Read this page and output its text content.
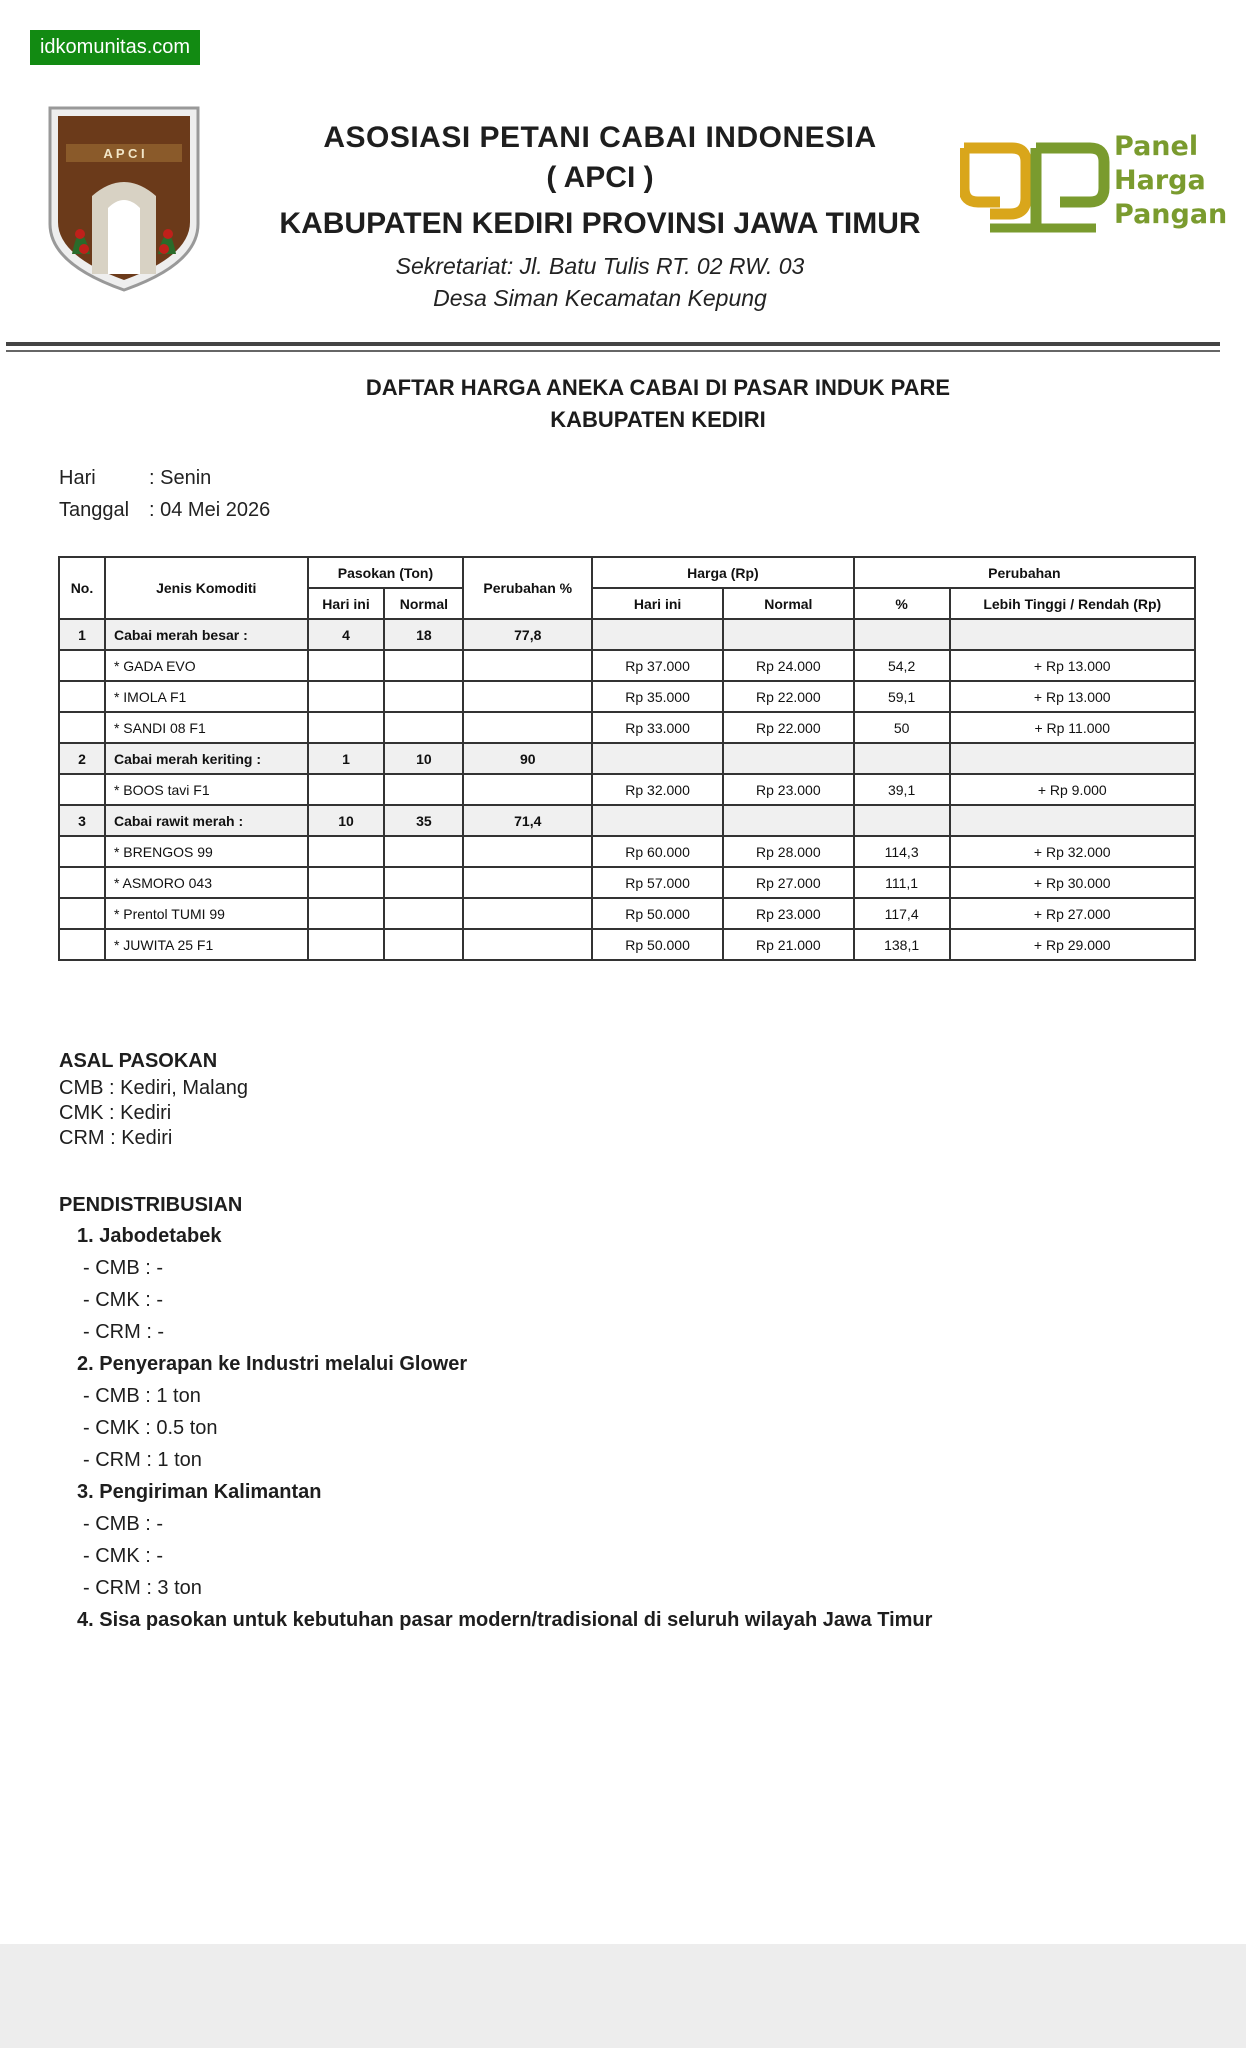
idkomunitas.com
A P C I	ASOSIASI PETANI CABAI INDONESIA
( APCI )
KABUPATEN KEDIRI PROVINSI JAWA TIMUR
Sekretariat: Jl. Batu Tulis RT. 02 RW. 03
Desa Siman Kecamatan Kepung
Panel
Harga
Pangan
DAFTAR HARGA ANEKA CABAI DI PASAR INDUK PARE
KABUPATEN KEDIRI
Hari	: Senin
Tanggal : 04 Mei 2026
No.	Jenis Komoditi	Pasokan (Ton)		Perubahan %	Harga (Rp)		Perubahan	
		Hari ini	Normal		Hari ini	Normal	%	Lebih Tinggi / Rendah (Rp)
1	Cabai merah besar :	4	18	77,8				
	* GADA EVO				Rp 37.000	Rp 24.000	54,2	+ Rp 13.000
	* IMOLA F1				Rp 35.000	Rp 22.000	59,1	+ Rp 13.000
	* SANDI 08 F1				Rp 33.000	Rp 22.000	50	+ Rp 11.000
2	Cabai merah keriting :	1	10	90				
	* BOOS tavi F1				Rp 32.000	Rp 23.000	39,1	+ Rp 9.000
3	Cabai rawit merah :	10	35	71,4				
	* BRENGOS 99				Rp 60.000	Rp 28.000	114,3	+ Rp 32.000
	* ASMORO 043				Rp 57.000	Rp 27.000	111,1	+ Rp 30.000
	* Prentol TUMI 99				Rp 50.000	Rp 23.000	117,4	+ Rp 27.000
	* JUWITA 25 F1				Rp 50.000	Rp 21.000	138,1	+ Rp 29.000
ASAL PASOKAN
CMB : Kediri, Malang
CMK : Kediri
CRM : Kediri
PENDISTRIBUSIAN
1. Jabodetabek
- CMB : -
- CMK : -
- CRM : -
2. Penyerapan ke Industri melalui Glower
- CMB : 1 ton
- CMK : 0.5 ton
- CRM : 1 ton
3. Pengiriman Kalimantan
- CMB : -
- CMK : -
- CRM : 3 ton
4. Sisa pasokan untuk kebutuhan pasar modern/tradisional di seluruh wilayah Jawa Timur
